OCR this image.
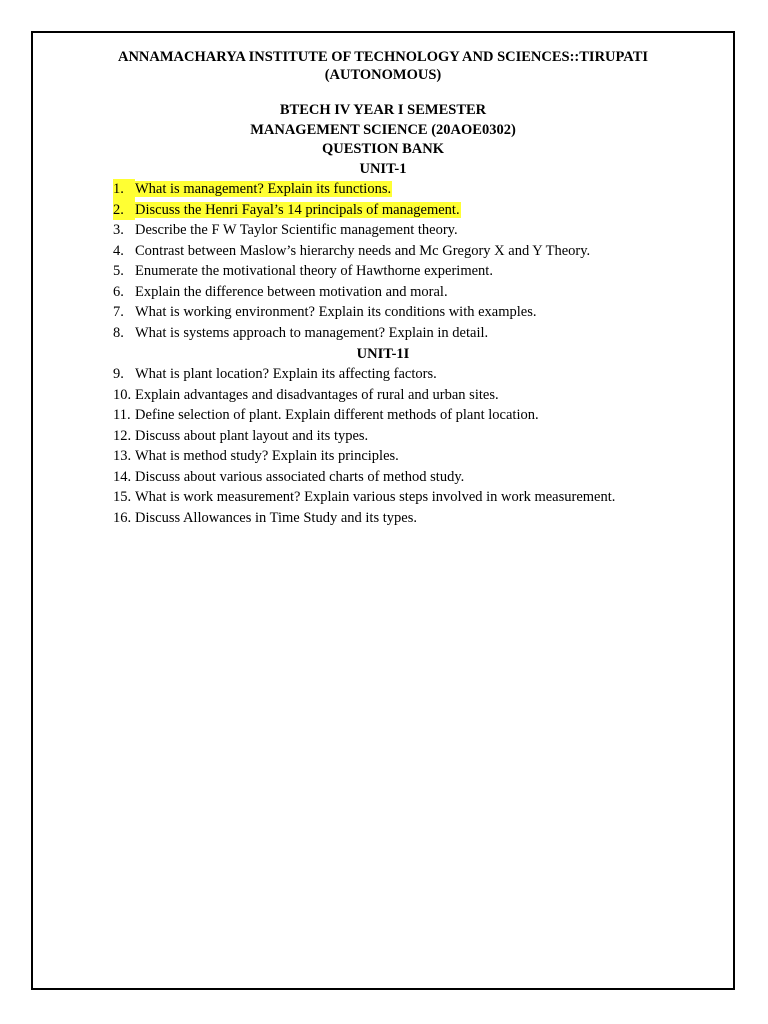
ANNAMACHARYA INSTITUTE OF TECHNOLOGY AND SCIENCES::TIRUPATI
(AUTONOMOUS)
BTECH IV YEAR I SEMESTER
MANAGEMENT SCIENCE (20AOE0302)
QUESTION BANK
UNIT-1
1. What is management? Explain its functions.
2. Discuss the Henri Fayal’s 14 principals of management.
3. Describe the F W Taylor Scientific management theory.
4. Contrast between Maslow’s hierarchy needs and Mc Gregory X and Y Theory.
5. Enumerate the motivational theory of Hawthorne experiment.
6. Explain the difference between motivation and moral.
7. What is working environment? Explain its conditions with examples.
8. What is systems approach to management? Explain in detail.
UNIT-1I
9. What is plant location? Explain its affecting factors.
10. Explain advantages and disadvantages of rural and urban sites.
11. Define selection of plant. Explain different methods of plant location.
12. Discuss about plant layout and its types.
13. What is method study? Explain its principles.
14. Discuss about various associated charts of method study.
15. What is work measurement? Explain various steps involved in work measurement.
16. Discuss Allowances in Time Study and its types.
